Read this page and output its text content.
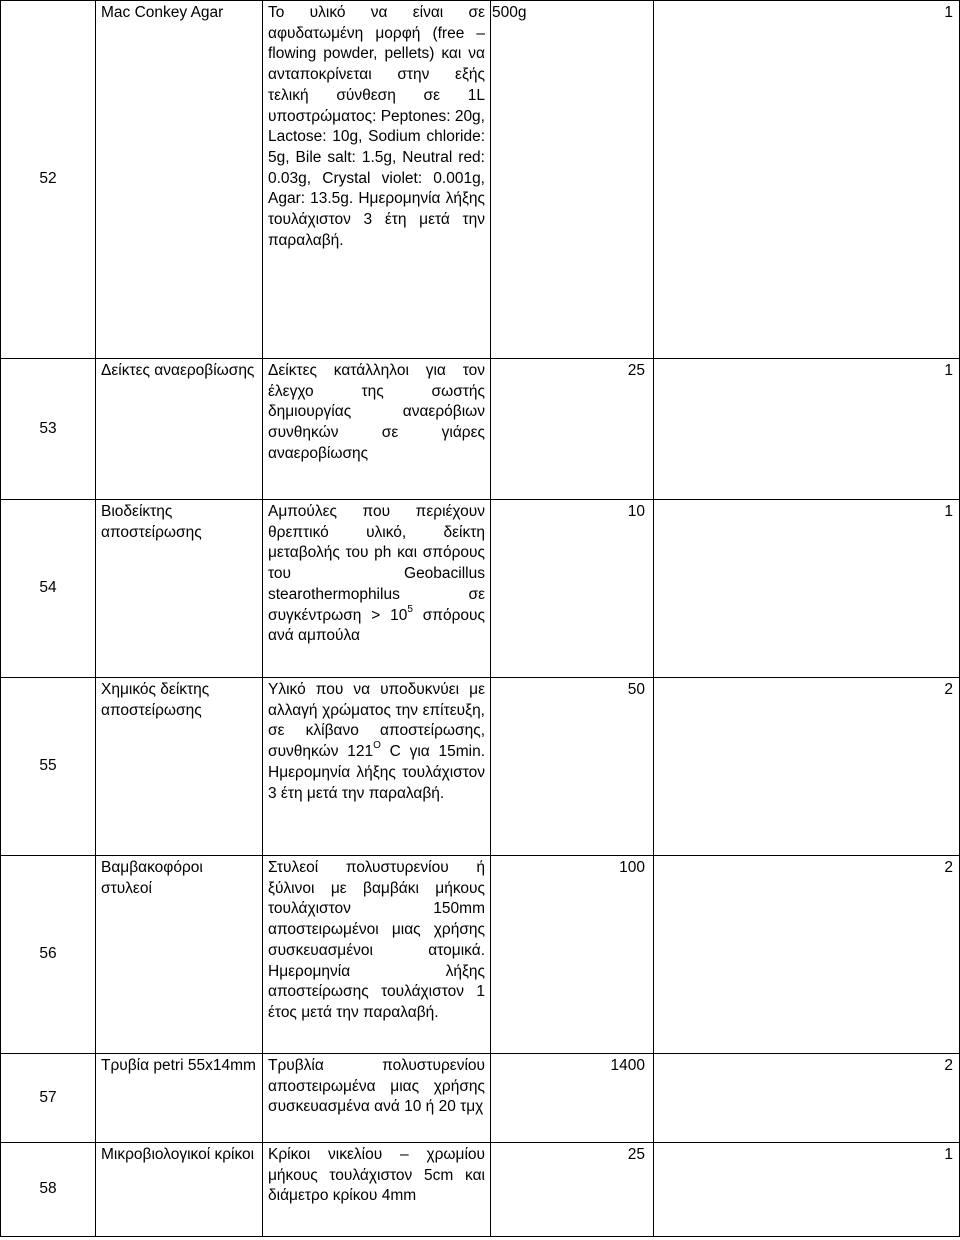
52	Mac Conkey Agar	Το υλικό να είναι σε αφυδατωμένη μορφή (free – flowing powder, pellets) και να ανταποκρίνεται στην εξής τελική σύνθεση σε 1L υποστρώματος: Peptones: 20g, Lactose: 10g, Sodium chloride: 5g, Bile salt: 1.5g, Neutral red: 0.03g, Crystal violet: 0.001g, Agar: 13.5g. Ημερομηνία λήξης τουλάχιστον 3 έτη μετά την παραλαβή.	500g	1
53	Δείκτες αναεροβίωσης	Δείκτες κατάλληλοι για τον έλεγχο της σωστής δημιουργίας αναερόβιων συνθηκών σε γιάρες αναεροβίωσης	25	1
54	Βιοδείκτης αποστείρωσης	Αμπούλες που περιέχουν θρεπτικό υλικό, δείκτη μεταβολής του ph και σπόρους του Geobacillus stearothermophilus σε $\sigma\upsilon\gamma\kappa έ\nu\tau\rho\omega\sigma\eta > 10^5$ σπόρους ανά αμπούλα	10	1
55	Χημικός δείκτης αποστείρωσης	Υλικό που να υποδυκνύει με αλλαγή χρώματος την επίτευξη, σε κλίβανο αποστείρωσης, συνθηκών $121^O$ C για 15min. Ημερομηνία λήξης τουλάχιστον 3 έτη μετά την παραλαβή.	50	2
56	Βαμβακοφόροι στυλεοί	Στυλεοί πολυστυρενίου ή ξύλινοι με βαμβάκι μήκους τουλάχιστον 150mm αποστειρωμένοι μιας χρήσης συσκευασμένοι ατομικά. Ημερομηνία λήξης αποστείρωσης τουλάχιστον 1 έτος μετά την παραλαβή.	100	2
57	Τρυβία petri 55x14mm	Τρυβλία πολυστυρενίου αποστειρωμένα μιας χρήσης συσκευασμένα ανά 10 ή 20 τμχ	1400	2
58	Μικροβιολογικοί κρίκοι	Κρίκοι νικελίου – χρωμίου μήκους τουλάχιστον 5cm και διάμετρο κρίκου 4mm	25	1
